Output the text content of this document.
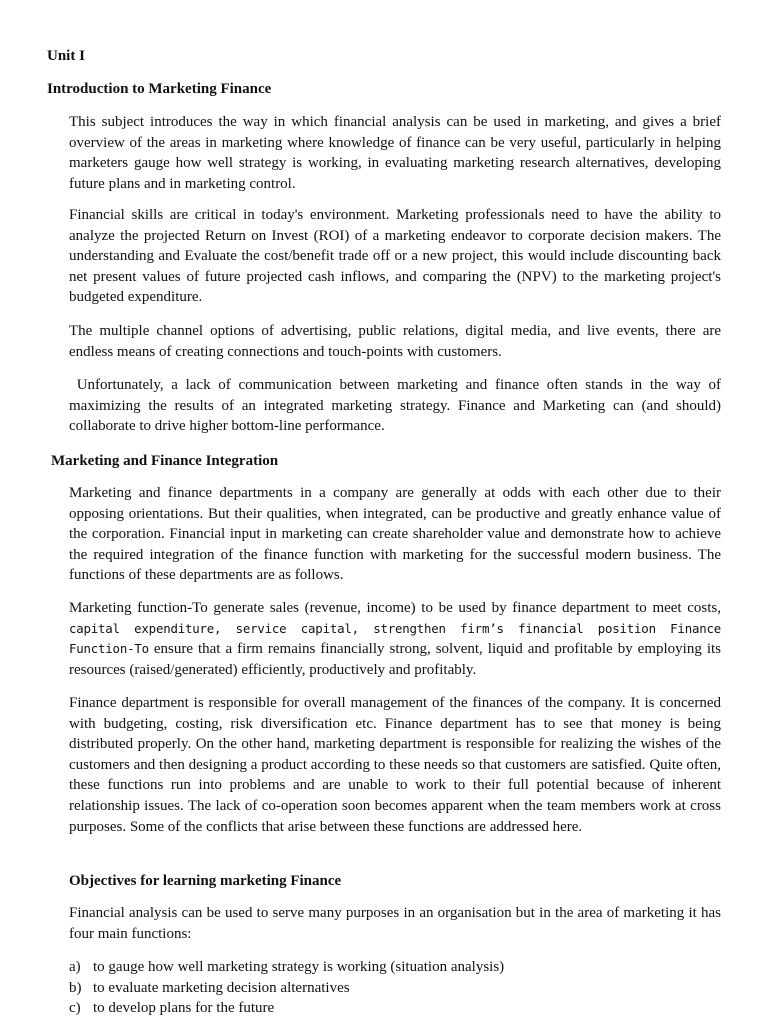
Unit I
Introduction to Marketing Finance

This subject introduces the way in which financial analysis can be used in marketing, and gives a brief overview of the areas in marketing where knowledge of finance can be very useful, particularly in helping marketers gauge how well strategy is working, in evaluating marketing research alternatives, developing future plans and in marketing control.

Financial skills are critical in today's environment. Marketing professionals need to have the ability to analyze the projected Return on Invest (ROI) of a marketing endeavor to corporate decision makers. The understanding and Evaluate the cost/benefit trade off or a new project, this would include discounting back net present values of future projected cash inflows, and comparing the (NPV) to the marketing project's budgeted expenditure.

The multiple channel options of advertising, public relations, digital media, and live events, there are endless means of creating connections and touch-points with customers.

Unfortunately, a lack of communication between marketing and finance often stands in the way of maximizing the results of an integrated marketing strategy. Finance and Marketing can (and should) collaborate to drive higher bottom-line performance.

Marketing and Finance Integration

Marketing and finance departments in a company are generally at odds with each other due to their opposing orientations. But their qualities, when integrated, can be productive and greatly enhance value of the corporation. Financial input in marketing can create shareholder value and demonstrate how to achieve the required integration of the finance function with marketing for the successful modern business. The functions of these departments are as follows.

Marketing function-To generate sales (revenue, income) to be used by finance department to meet costs, capital expenditure, service capital, strengthen firm’s financial position Finance Function-To ensure that a firm remains financially strong, solvent, liquid and profitable by employing its resources (raised/generated) efficiently, productively and profitably.

Finance department is responsible for overall management of the finances of the company. It is concerned with budgeting, costing, risk diversification etc. Finance department has to see that money is being distributed properly. On the other hand, marketing department is responsible for realizing the wishes of the customers and then designing a product according to these needs so that customers are satisfied. Quite often, these functions run into problems and are unable to work to their full potential because of inherent relationship issues. The lack of co-operation soon becomes apparent when the team members work at cross purposes. Some of the conflicts that arise between these functions are addressed here.

Objectives for learning marketing Finance

Financial analysis can be used to serve many purposes in an organisation but in the area of marketing it has four main functions:

a) to gauge how well marketing strategy is working (situation analysis)
b) to evaluate marketing decision alternatives
c) to develop plans for the future
